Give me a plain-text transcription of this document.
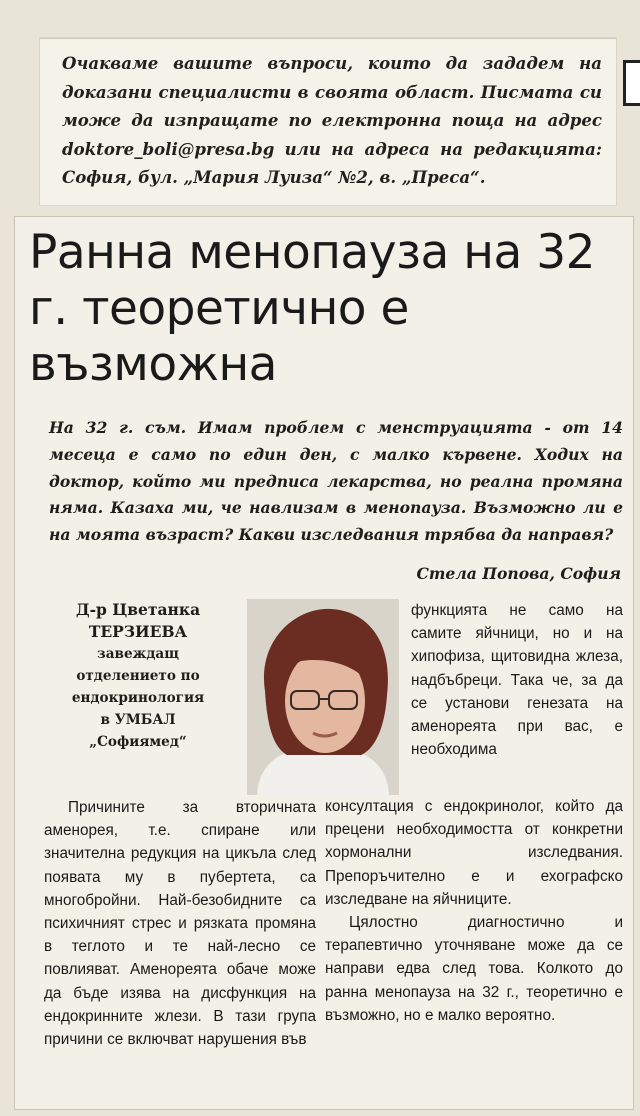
Очакваме вашите въпроси, които да зададем на доказани специалисти в своята област. Писмата си може да изпращате по електронна поща на адрес doktore_boli@presa.bg или на адреса на редакцията: София, бул. „Мария Луиза“ №2, в. „Преса“.

Ранна менопауза на 32 г. теоретично е възможна

На 32 г. съм. Имам проблем с менструацията - от 14 месеца е само по един ден, с малко кървене. Ходих на доктор, който ми предписа лекарства, но реална промяна няма. Казаха ми, че навлизам в менопауза. Възможно ли е на моята възраст? Какви изследвания трябва да направя?

Стела Попова, София
Д-р Цветанка
ТЕРЗИЕВА
завеждащ
отделението по
ендокринология
в УМБАЛ
„Софиямед“

функцията не само на самите яйчници, но и на хипофиза, щитовидна жлеза, надбъбреци. Така че, за да се установи генезата на аменореята при вас, е необходима

Причините за вторичната аменорея, т.е. спиране или значителна редукция на цикъла след появата му в пубертета, са многобройни. Най-безобидните са психичният стрес и рязката промяна в теглото и те най-лесно се повлияват. Аменореята обаче може да бъде изява на дисфункция на ендокринните жлези. В тази група причини се включват нарушения във

консултация с ендокринолог, който да прецени необходимостта от конкретни хормонални изследвания. Препоръчително е и ехографско изследване на яйчниците.

Цялостно диагностично и терапевтично уточняване може да се направи едва след това. Колкото до ранна менопауза на 32 г., теоретично е възможно, но е малко вероятно.
